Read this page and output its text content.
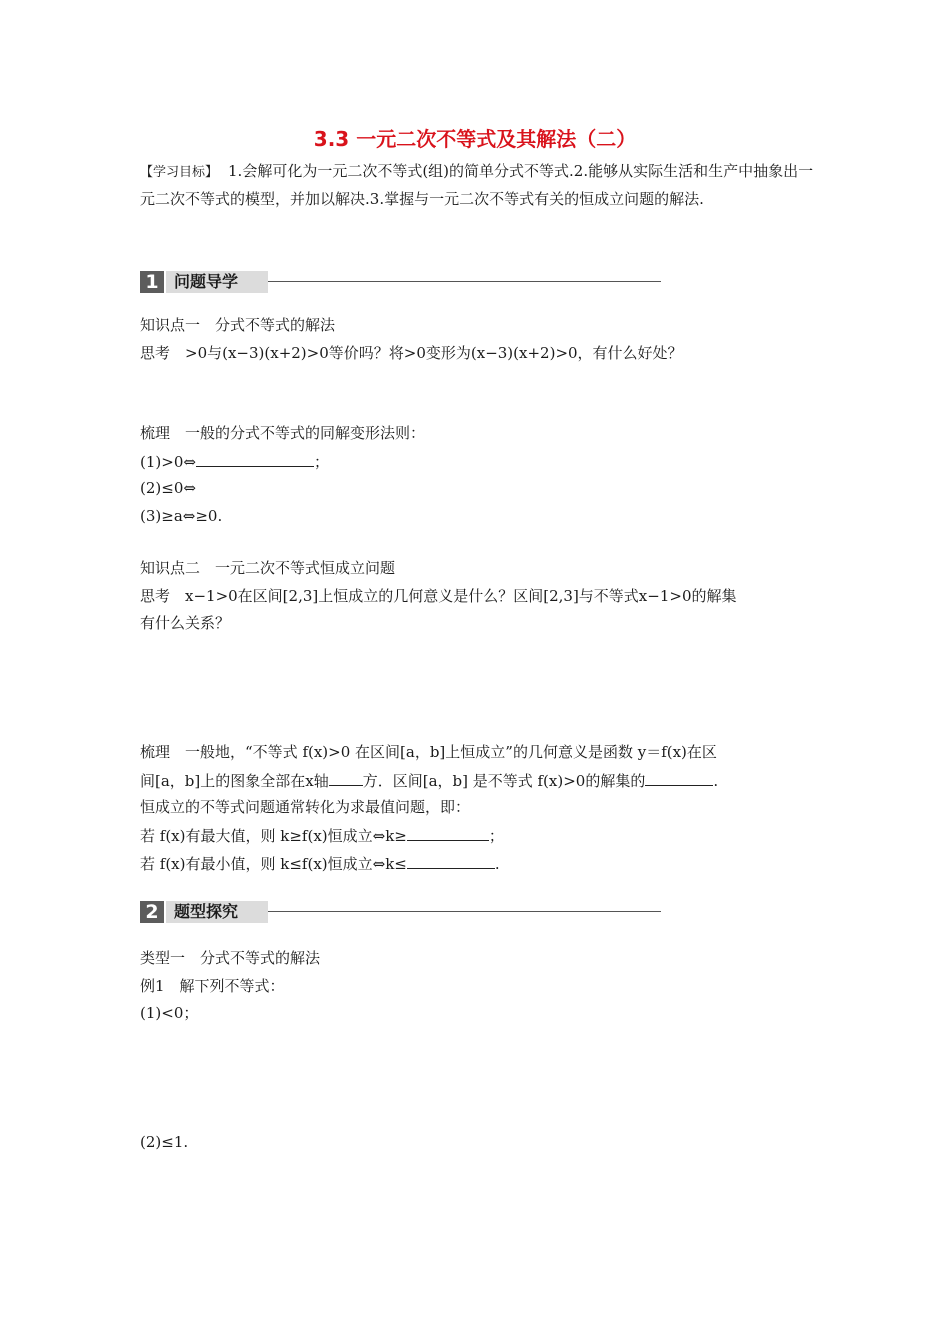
3.3 一元二次不等式及其解法（二）
【学习目标】 1.会解可化为一元二次不等式(组)的简单分式不等式.2.能够从实际生活和生产中抽象出一元二次不等式的模型，并加以解决.3.掌握与一元二次不等式有关的恒成立问题的解法.
1 问题导学
知识点一　分式不等式的解法
思考　>0与(x−3)(x+2)>0等价吗？将>0变形为(x−3)(x+2)>0，有什么好处？
梳理　一般的分式不等式的同解变形法则：
(1)>0⇔	；
(2)≤0⇔
(3)≥a⇔≥0.
知识点二　一元二次不等式恒成立问题
思考　x−1>0在区间[2,3]上恒成立的几何意义是什么？区间[2,3]与不等式x−1>0的解集
有什么关系？
梳理　一般地，“不等式 f(x)>0 在区间[a，b]上恒成立”的几何意义是函数 y＝f(x)在区
间[a，b]上的图象全部在x轴 方．区间[a，b] 是不等式 f(x)>0的解集的	.
恒成立的不等式问题通常转化为求最值问题，即：
若 f(x)有最大值，则 k≥f(x)恒成立⇔k≥	；
若 f(x)有最小值，则 k≤f(x)恒成立⇔k≤	.
2 题型探究
类型一　分式不等式的解法
例1　解下列不等式：
(1)<0；
(2)≤1.
